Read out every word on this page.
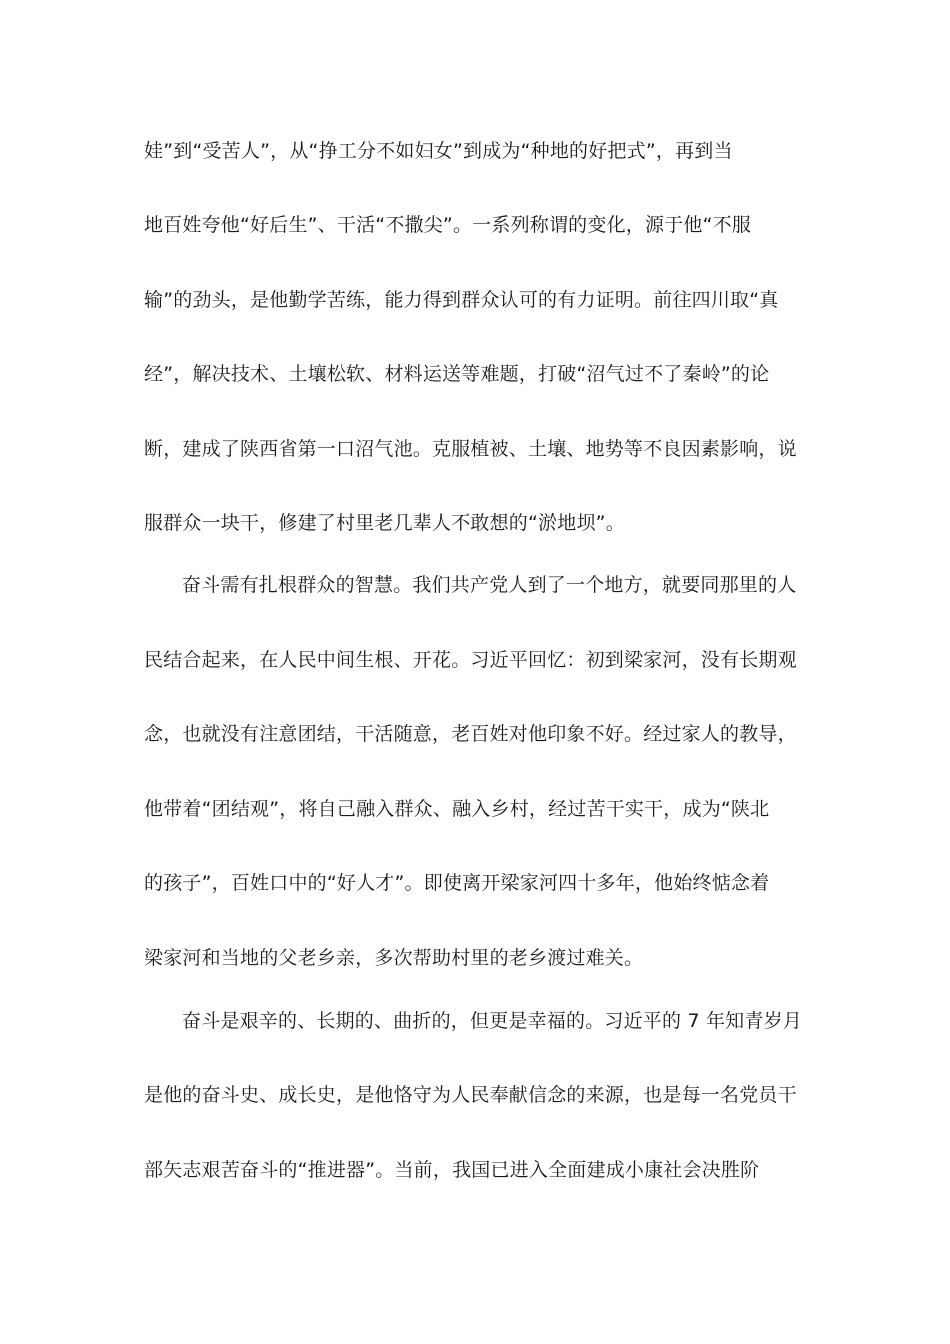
娃”到“受苦人”，从“挣工分不如妇女”到成为“种地的好把式”，再到当
地百姓夸他“好后生”、干活“不撒尖”。一系列称谓的变化，源于他“不服
输”的劲头，是他勤学苦练，能力得到群众认可的有力证明。前往四川取“真
经”，解决技术、土壤松软、材料运送等难题，打破“沼气过不了秦岭”的论
断，建成了陕西省第一口沼气池。克服植被、土壤、地势等不良因素影响，说
服群众一块干，修建了村里老几辈人不敢想的“淤地坝”。
奋斗需有扎根群众的智慧。我们共产党人到了一个地方，就要同那里的人
民结合起来，在人民中间生根、开花。习近平回忆：初到梁家河，没有长期观
念，也就没有注意团结，干活随意，老百姓对他印象不好。经过家人的教导，
他带着“团结观”，将自己融入群众、融入乡村，经过苦干实干，成为“陕北
的孩子”，百姓口中的“好人才”。即使离开梁家河四十多年，他始终惦念着
梁家河和当地的父老乡亲，多次帮助村里的老乡渡过难关。
奋斗是艰辛的、长期的、曲折的，但更是幸福的。习近平的 7 年知青岁月
是他的奋斗史、成长史，是他恪守为人民奉献信念的来源，也是每一名党员干
部矢志艰苦奋斗的“推进器”。当前，我国已进入全面建成小康社会决胜阶
